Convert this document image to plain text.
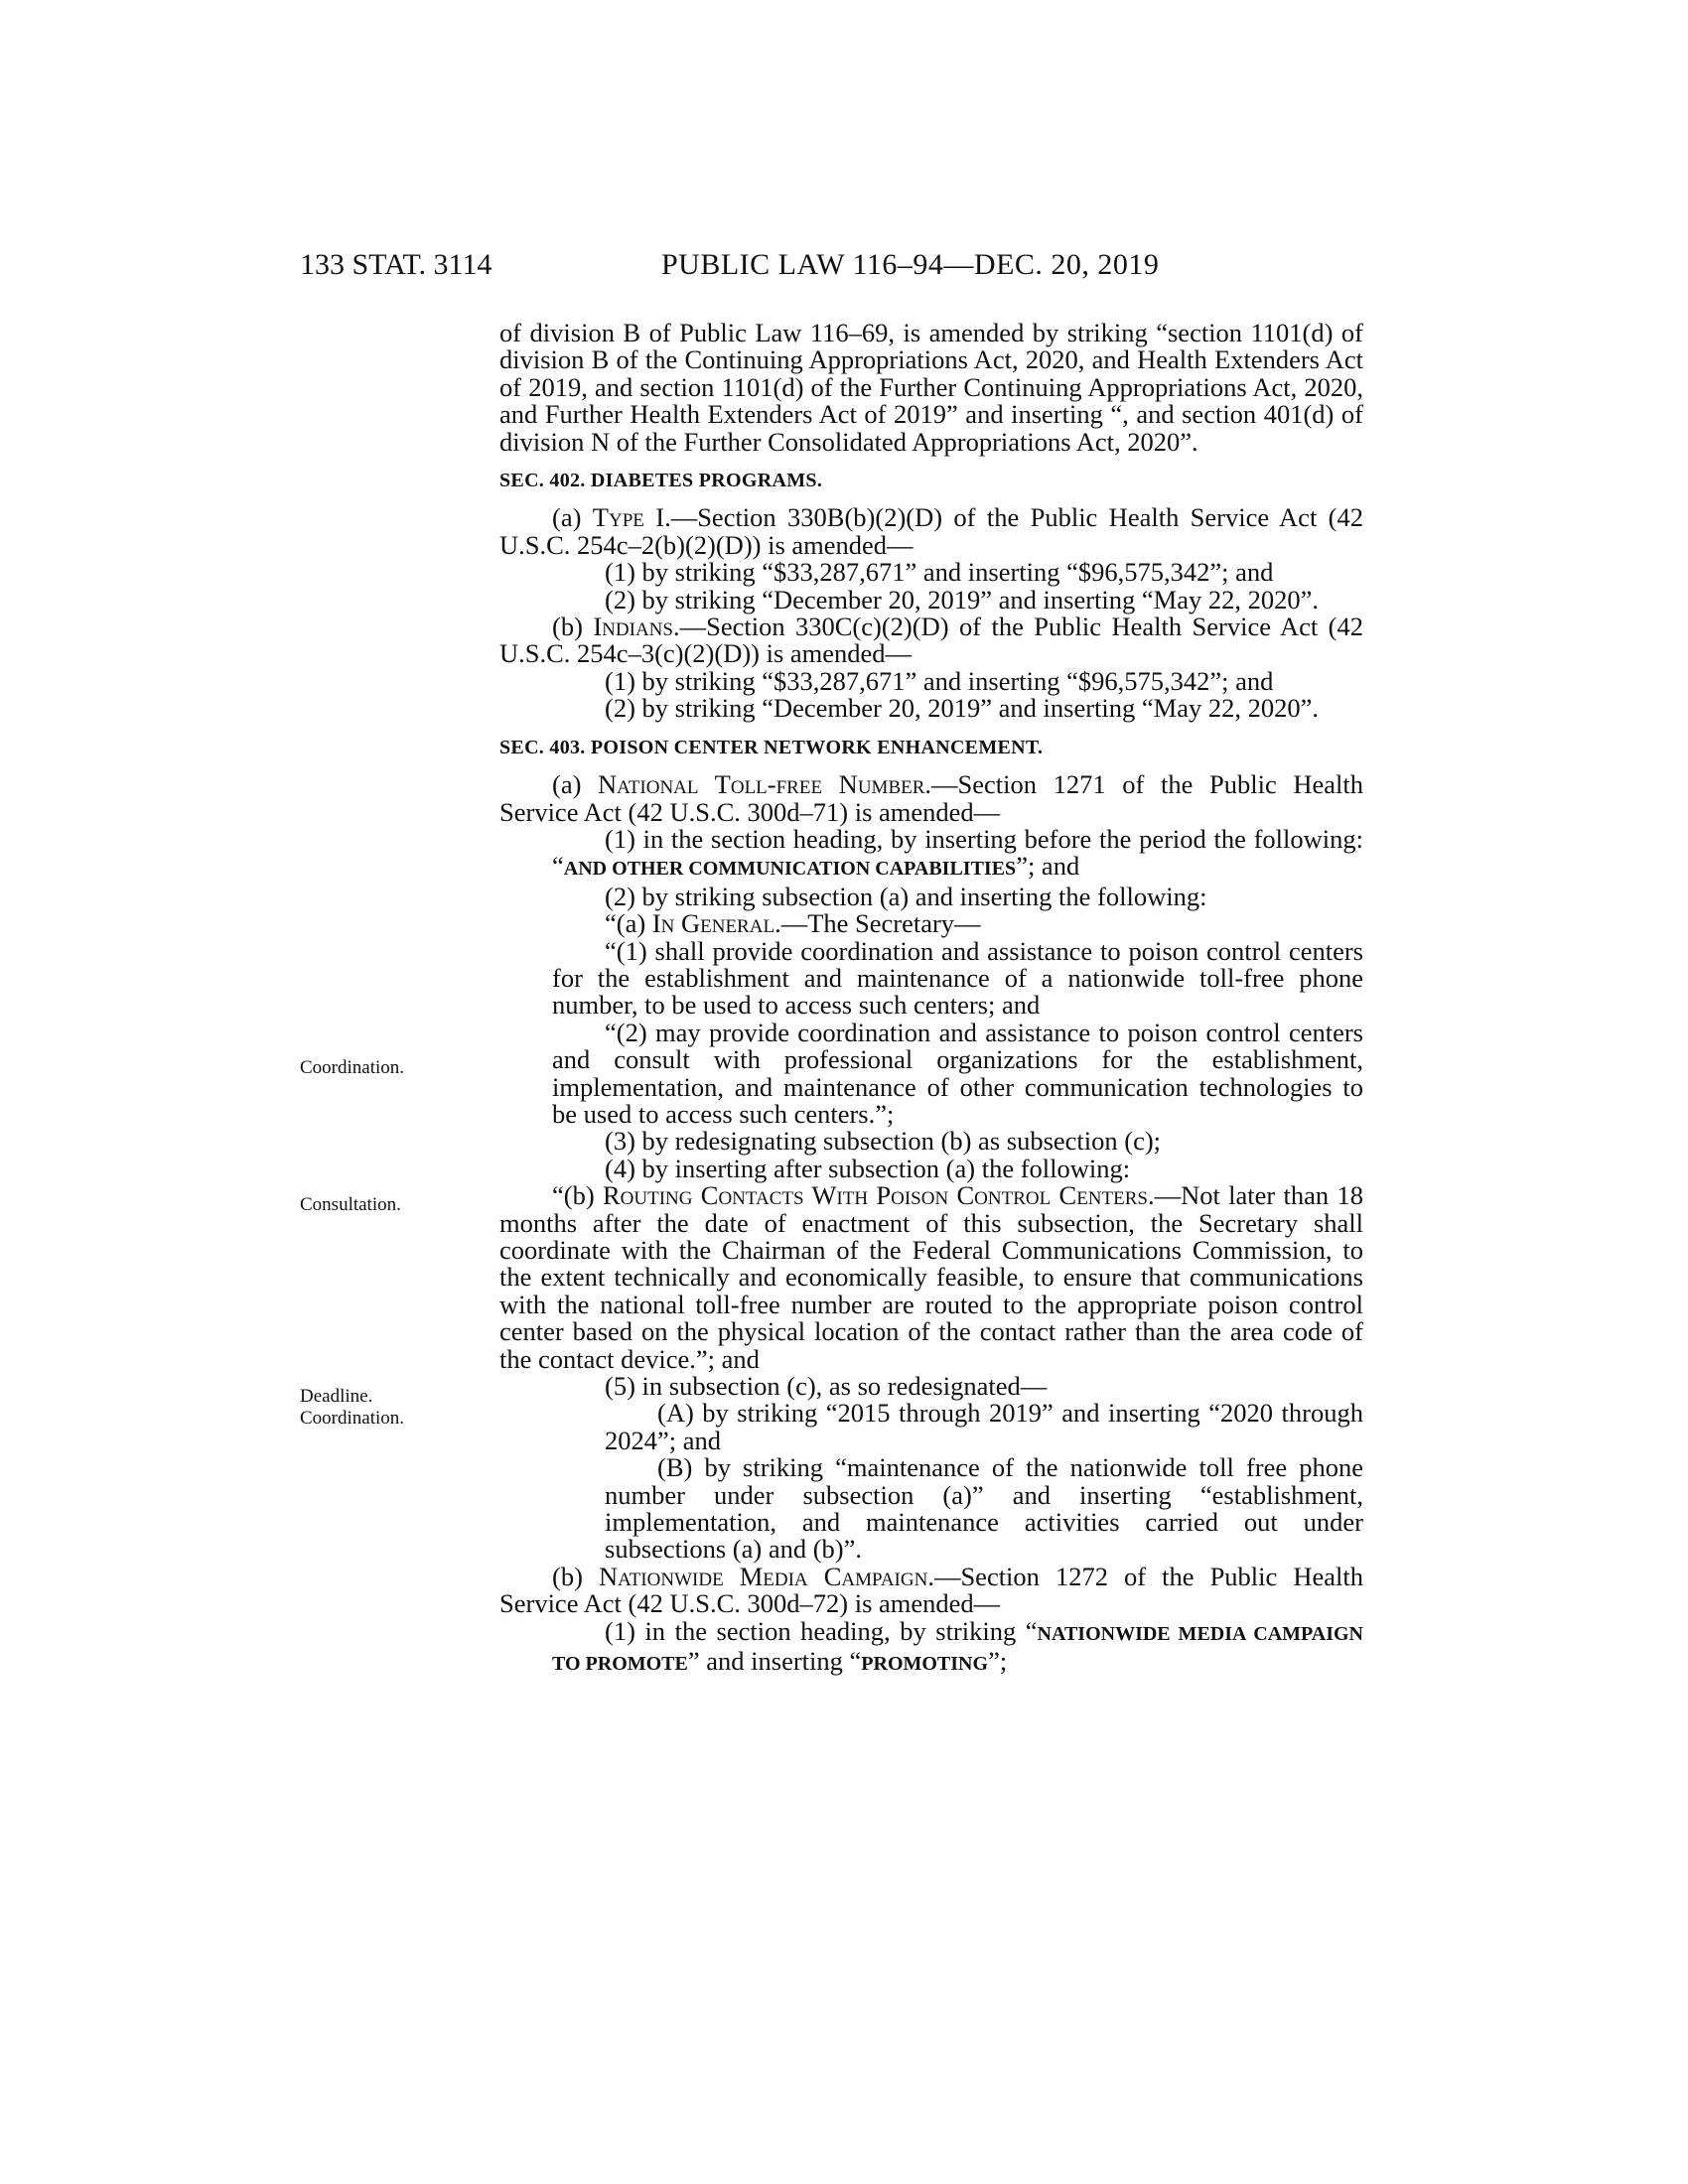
133 STAT. 3114	PUBLIC LAW 116–94—DEC. 20, 2019
Coordination.
Consultation.
Deadline.
Coordination.

of division B of Public Law 116–69, is amended by striking “section 1101(d) of division B of the Continuing Appropriations Act, 2020, and Health Extenders Act of 2019, and section 1101(d) of the Further Continuing Appropriations Act, 2020, and Further Health Extenders Act of 2019” and inserting “, and section 401(d) of division N of the Further Consolidated Appropriations Act, 2020”.

SEC. 402. DIABETES PROGRAMS.

(a) Type I.—Section 330B(b)(2)(D) of the Public Health Service Act (42 U.S.C. 254c–2(b)(2)(D)) is amended—

(1) by striking “$33,287,671” and inserting “$96,575,342”; and

(2) by striking “December 20, 2019” and inserting “May 22, 2020”.

(b) Indians.—Section 330C(c)(2)(D) of the Public Health Service Act (42 U.S.C. 254c–3(c)(2)(D)) is amended—

(1) by striking “$33,287,671” and inserting “$96,575,342”; and

(2) by striking “December 20, 2019” and inserting “May 22, 2020”.

SEC. 403. POISON CENTER NETWORK ENHANCEMENT.

(a) National Toll-free Number.—Section 1271 of the Public Health Service Act (42 U.S.C. 300d–71) is amended—

(1) in the section heading, by inserting before the period the following: “AND OTHER COMMUNICATION CAPABILITIES”; and

(2) by striking subsection (a) and inserting the following:

“(a) In General.—The Secretary—

“(1) shall provide coordination and assistance to poison control centers for the establishment and maintenance of a nationwide toll-free phone number, to be used to access such centers; and

“(2) may provide coordination and assistance to poison control centers and consult with professional organizations for the establishment, implementation, and maintenance of other communication technologies to be used to access such centers.”;

(3) by redesignating subsection (b) as subsection (c);

(4) by inserting after subsection (a) the following:

“(b) Routing Contacts With Poison Control Centers.—Not later than 18 months after the date of enactment of this subsection, the Secretary shall coordinate with the Chairman of the Federal Communications Commission, to the extent technically and economically feasible, to ensure that communications with the national toll-free number are routed to the appropriate poison control center based on the physical location of the contact rather than the area code of the contact device.”; and

(5) in subsection (c), as so redesignated—

(A) by striking “2015 through 2019” and inserting “2020 through 2024”; and

(B) by striking “maintenance of the nationwide toll free phone number under subsection (a)” and inserting “establishment, implementation, and maintenance activities carried out under subsections (a) and (b)”.

(b) Nationwide Media Campaign.—Section 1272 of the Public Health Service Act (42 U.S.C. 300d–72) is amended—

(1) in the section heading, by striking “NATIONWIDE MEDIA CAMPAIGN TO PROMOTE” and inserting “PROMOTING”;
